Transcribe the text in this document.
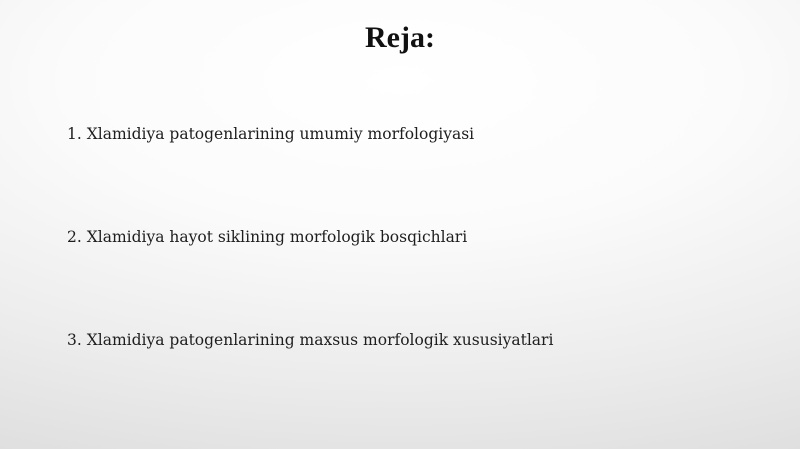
Reja:
1. Xlamidiya patogenlarining umumiy morfologiyasi
2. Xlamidiya hayot siklining morfologik bosqichlari
3. Xlamidiya patogenlarining maxsus morfologik xususiyatlari
